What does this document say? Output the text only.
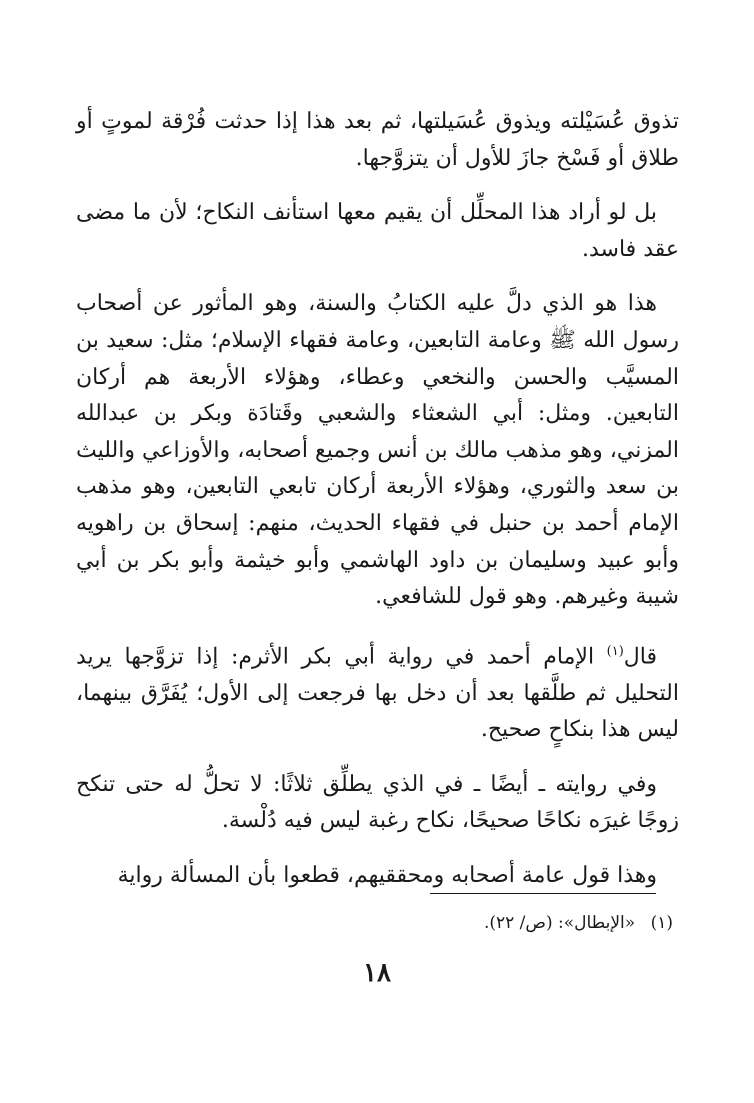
تذوق عُسَيْلته ويذوق عُسَيلتها، ثم بعد هذا إذا حدثت فُرْقة لموتٍ أو طلاق أو فَسْخ جازَ للأول أن يتزوَّجها.

بل لو أراد هذا المحلِّل أن يقيم معها استأنف النكاح؛ لأن ما مضى عقد فاسد.

هذا هو الذي دلَّ عليه الكتابُ والسنة، وهو المأثور عن أصحاب رسول الله ﷺ وعامة التابعين، وعامة فقهاء الإسلام؛ مثل: سعيد بن المسيَّب والحسن والنخعي وعطاء، وهؤلاء الأربعة هم أركان التابعين. ومثل: أبي الشعثاء والشعبي وقَتادَة وبكر بن عبدالله المزني، وهو مذهب مالك بن أنس وجميع أصحابه، والأوزاعي والليث بن سعد والثوري، وهؤلاء الأربعة أركان تابعي التابعين، وهو مذهب الإمام أحمد بن حنبل في فقهاء الحديث، منهم: إسحاق بن راهويه وأبو عبيد وسليمان بن داود الهاشمي وأبو خيثمة وأبو بكر بن أبي شيبة وغيرهم. وهو قول للشافعي.

قال$^{(١)}$ الإمام أحمد في رواية أبي بكر الأثرم: إذا تزوَّجها يريد التحليل ثم طلَّقها بعد أن دخل بها فرجعت إلى الأول؛ يُفَرَّق بينهما، ليس هذا بنكاحٍ صحيح.

وفي روايته ـ أيضًا ـ في الذي يطلِّق ثلاثًا: لا تحلُّ له حتى تنكح زوجًا غيرَه نكاحًا صحيحًا، نكاح رغبة ليس فيه دُلْسة.

وهذا قول عامة أصحابه ومحققيهم، قطعوا بأن المسألة رواية

(١) «الإبطال»: (ص/ ٢٢).
١٨
